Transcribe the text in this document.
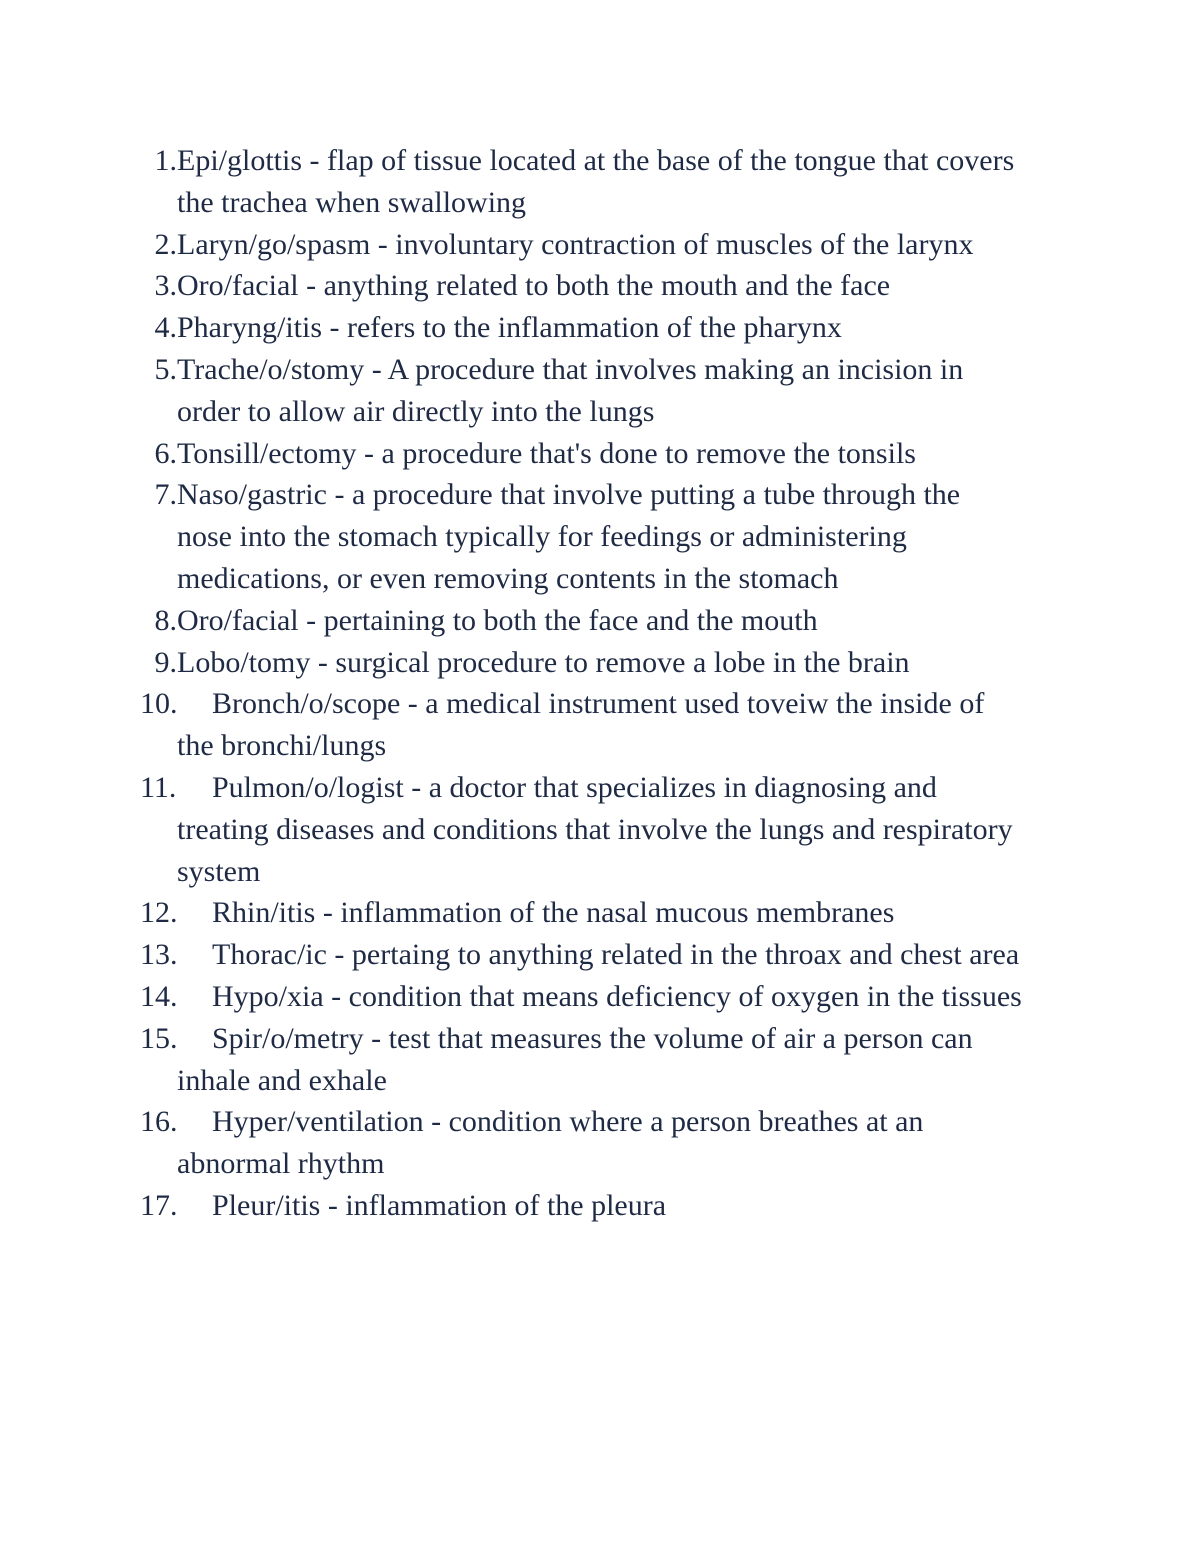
1. Epi/glottis - flap of tissue located at the base of the tongue that covers
the trachea when swallowing
2. Laryn/go/spasm - involuntary contraction of muscles of the larynx
3. Oro/facial - anything related to both the mouth and the face
4. Pharyng/itis - refers to the inflammation of the pharynx
5. Trache/o/stomy - A procedure that involves making an incision in
order to allow air directly into the lungs
6. Tonsill/ectomy - a procedure that's done to remove the tonsils
7. Naso/gastric - a procedure that involve putting a tube through the
nose into the stomach typically for feedings or administering
medications, or even removing contents in the stomach
8. Oro/facial - pertaining to both the face and the mouth
9. Lobo/tomy - surgical procedure to remove a lobe in the brain
10.	Bronch/o/scope - a medical instrument used toveiw the inside of
the bronchi/lungs
11.	Pulmon/o/logist - a doctor that specializes in diagnosing and
treating diseases and conditions that involve the lungs and respiratory
system
12.	Rhin/itis - inflammation of the nasal mucous membranes
13.	Thorac/ic - pertaing to anything related in the throax and chest area
14.	Hypo/xia - condition that means deficiency of oxygen in the tissues
15.	Spir/o/metry - test that measures the volume of air a person can
inhale and exhale
16.	Hyper/ventilation - condition where a person breathes at an
abnormal rhythm
17.	Pleur/itis - inflammation of the pleura
